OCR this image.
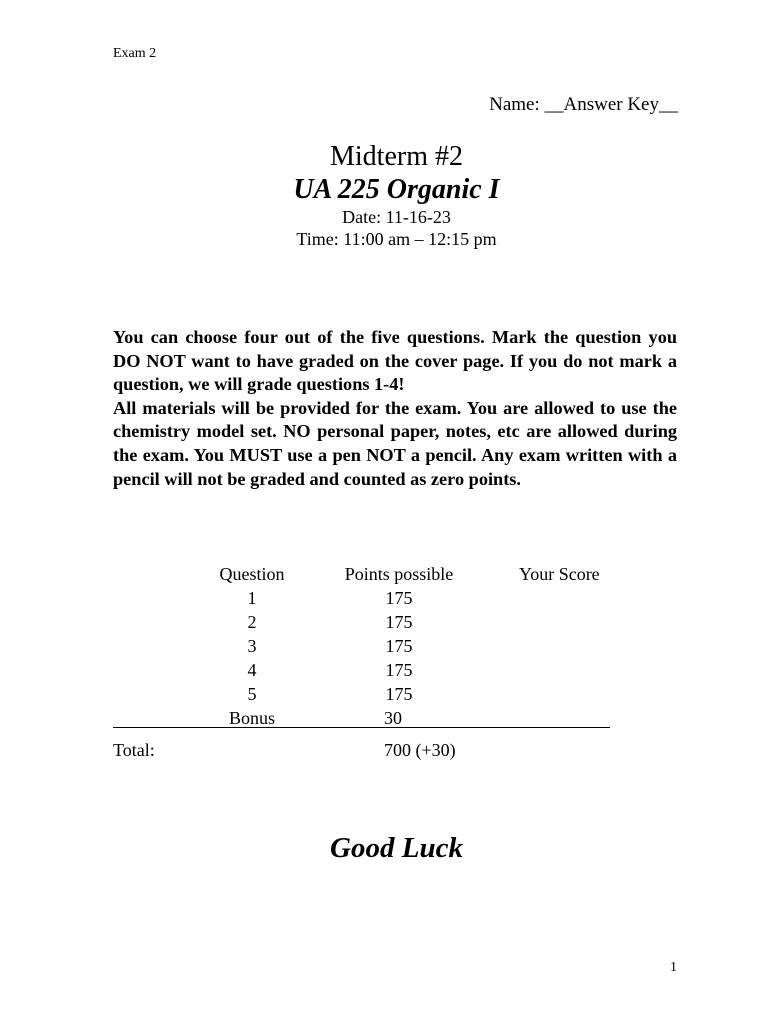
Exam 2
Name: __Answer Key__
Midterm #2
UA 225 Organic I
Date: 11-16-23
Time: 11:00 am – 12:15 pm

You can choose four out of the five questions. Mark the question you DO NOT want to have graded on the cover page. If you do not mark a question, we will grade questions 1-4!

All materials will be provided for the exam. You are allowed to use the chemistry model set. NO personal paper, notes, etc are allowed during the exam. You MUST use a pen NOT a pencil. Any exam written with a pencil will not be graded and counted as zero points.

Question	Points possible	Your Score
1	175
2	175
3	175
4	175
5	175
Bonus	30
Total:	700 (+30)
Good Luck
1
